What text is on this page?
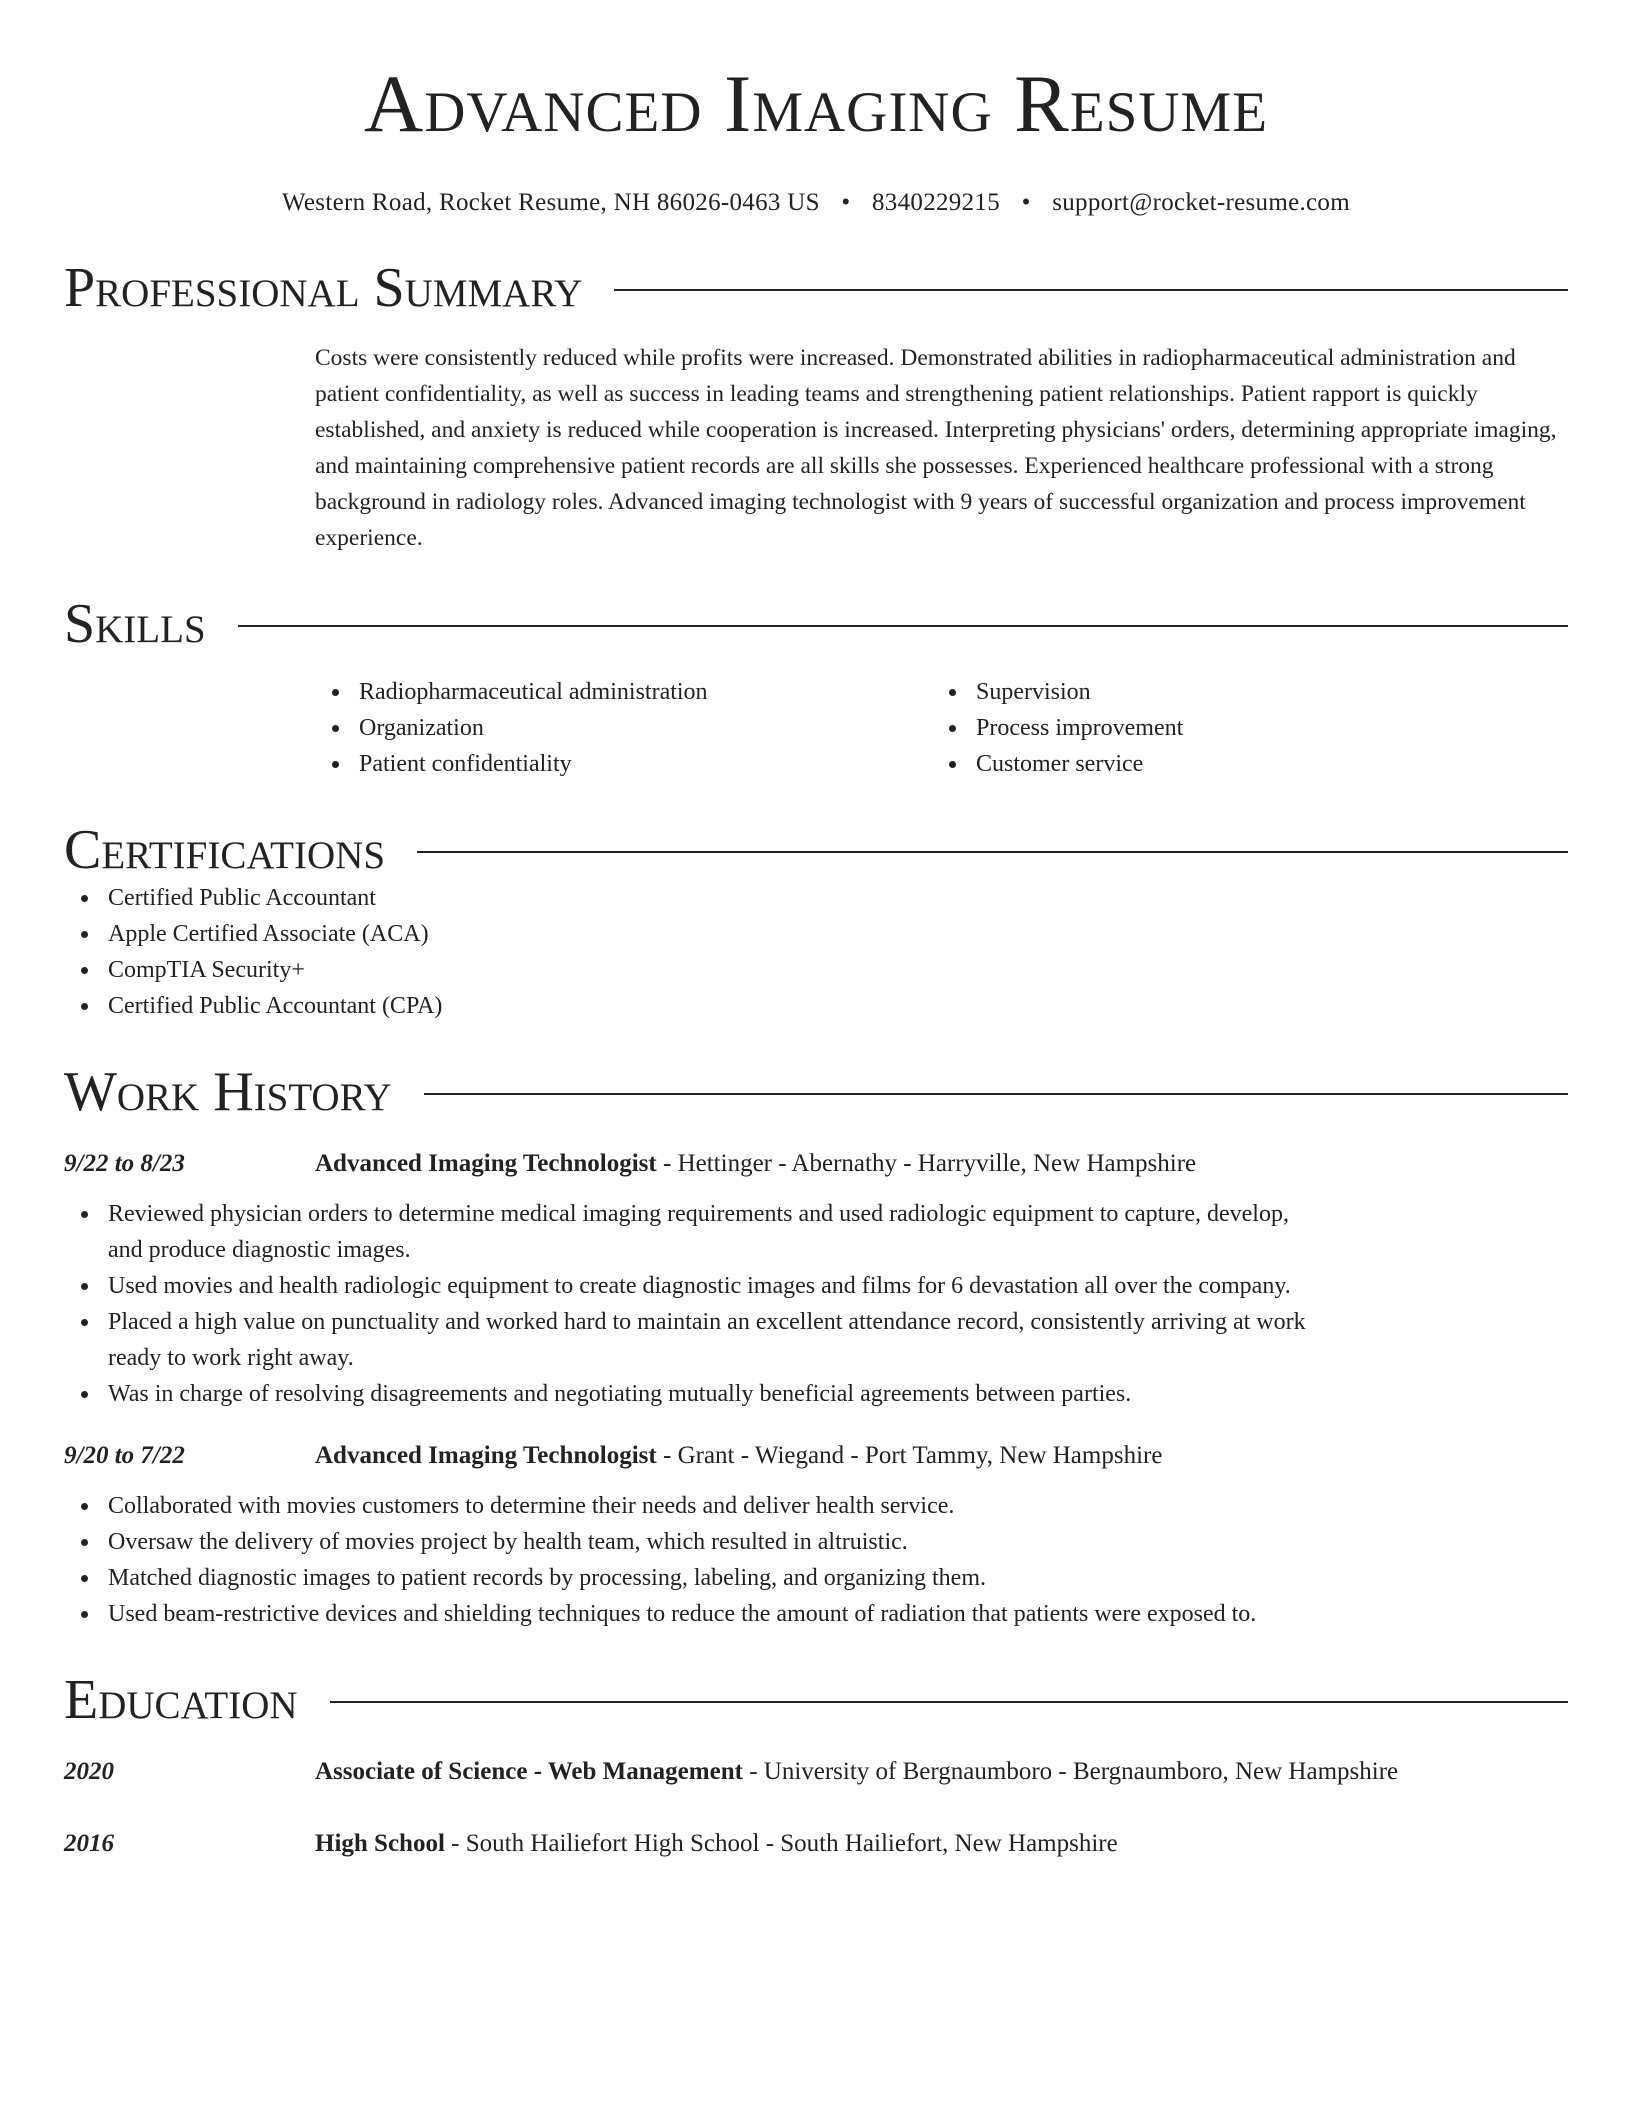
Advanced Imaging Resume
Western Road, Rocket Resume, NH 86026-0463 US • 8340229215 • support@rocket-resume.com
Professional Summary
Costs were consistently reduced while profits were increased. Demonstrated abilities in radiopharmaceutical administration and patient confidentiality, as well as success in leading teams and strengthening patient relationships. Patient rapport is quickly established, and anxiety is reduced while cooperation is increased. Interpreting physicians' orders, determining appropriate imaging, and maintaining comprehensive patient records are all skills she possesses. Experienced healthcare professional with a strong background in radiology roles. Advanced imaging technologist with 9 years of successful organization and process improvement experience.
Skills
Radiopharmaceutical administration
Organization
Patient confidentiality
Supervision
Process improvement
Customer service
Certifications
Certified Public Accountant
Apple Certified Associate (ACA)
CompTIA Security+
Certified Public Accountant (CPA)
Work History
9/22 to 8/23	Advanced Imaging Technologist - Hettinger - Abernathy - Harryville, New Hampshire
Reviewed physician orders to determine medical imaging requirements and used radiologic equipment to capture, develop, and produce diagnostic images.
Used movies and health radiologic equipment to create diagnostic images and films for 6 devastation all over the company.
Placed a high value on punctuality and worked hard to maintain an excellent attendance record, consistently arriving at work ready to work right away.
Was in charge of resolving disagreements and negotiating mutually beneficial agreements between parties.
9/20 to 7/22	Advanced Imaging Technologist - Grant - Wiegand - Port Tammy, New Hampshire
Collaborated with movies customers to determine their needs and deliver health service.
Oversaw the delivery of movies project by health team, which resulted in altruistic.
Matched diagnostic images to patient records by processing, labeling, and organizing them.
Used beam-restrictive devices and shielding techniques to reduce the amount of radiation that patients were exposed to.
Education
2020	Associate of Science - Web Management - University of Bergnaumboro - Bergnaumboro, New Hampshire
2016	High School - South Hailiefort High School - South Hailiefort, New Hampshire
